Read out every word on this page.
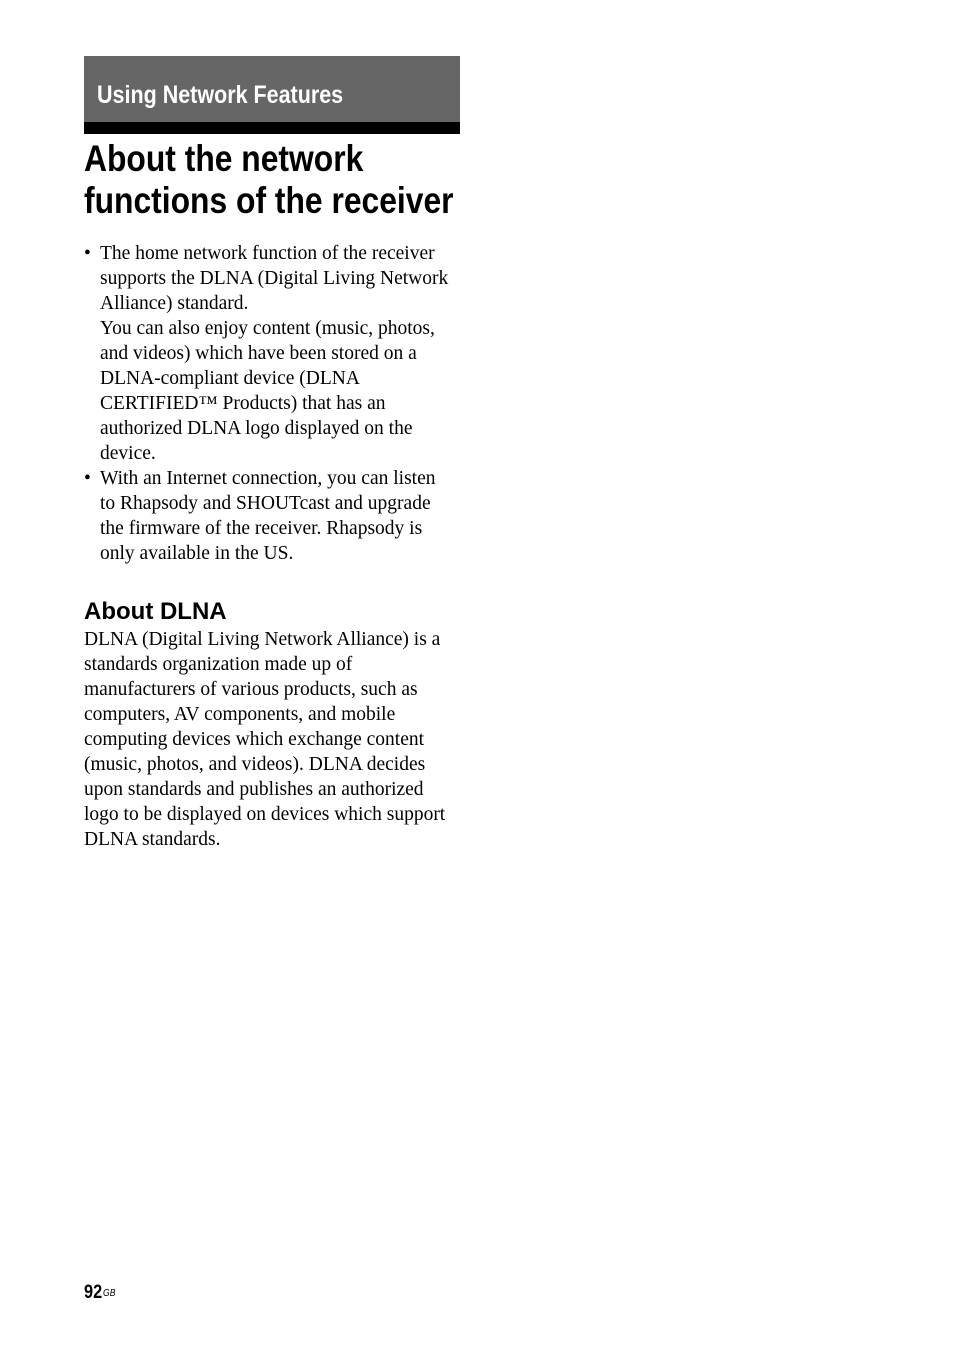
Using Network Features
About the network
functions of the receiver
• The home network function of the receiver
supports the DLNA (Digital Living Network
Alliance) standard.
You can also enjoy content (music, photos,
and videos) which have been stored on a
DLNA-compliant device (DLNA
CERTIFIED™ Products) that has an
authorized DLNA logo displayed on the
device.
• With an Internet connection, you can listen
to Rhapsody and SHOUTcast and upgrade
the firmware of the receiver. Rhapsody is
only available in the US.
About DLNA

DLNA (Digital Living Network Alliance) is a
standards organization made up of
manufacturers of various products, such as
computers, AV components, and mobile
computing devices which exchange content
(music, photos, and videos). DLNA decides
upon standards and publishes an authorized
logo to be displayed on devices which support
DLNA standards.

$92^{GB}$
